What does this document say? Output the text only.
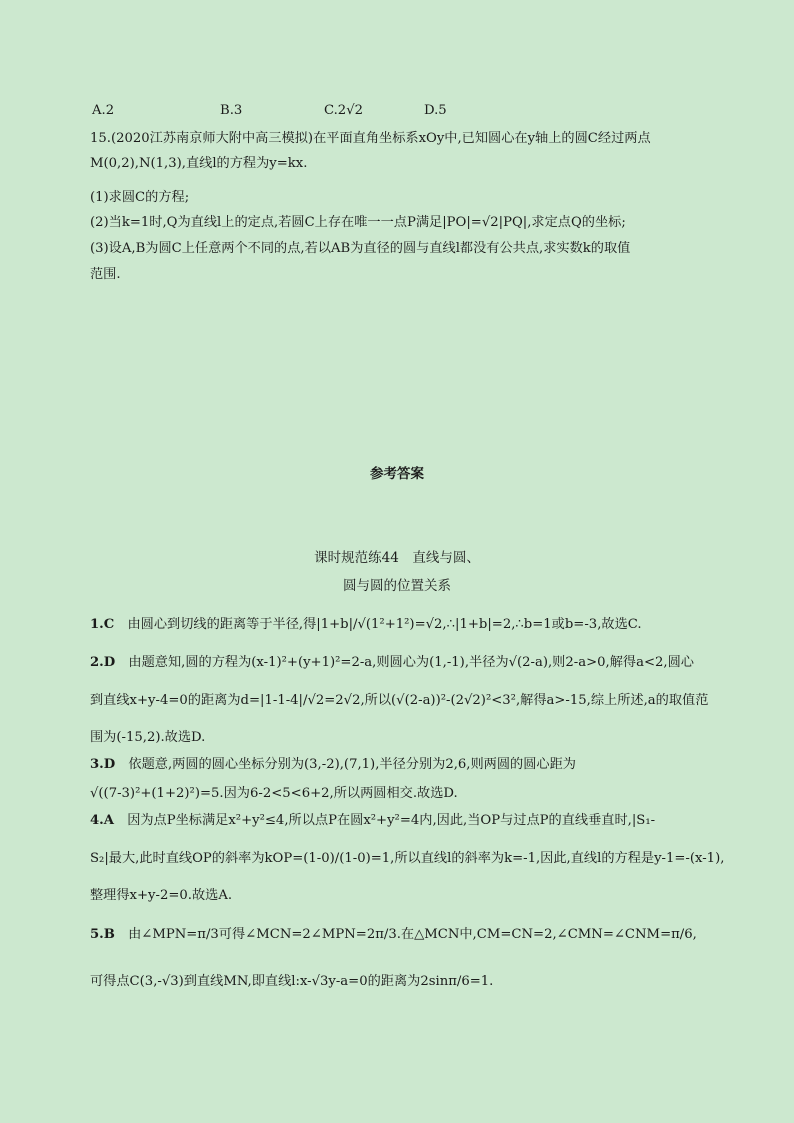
A.2	B.3	C.2√2	D.5
15.(2020江苏南京师大附中高三模拟)在平面直角坐标系xOy中,已知圆心在y轴上的圆C经过两点
M(0,2),N(1,3),直线l的方程为y=kx.
(1)求圆C的方程;
(2)当k=1时,Q为直线l上的定点,若圆C上存在唯一一点P满足|PO|=√2|PQ|,求定点Q的坐标;
(3)设A,B为圆C上任意两个不同的点,若以AB为直径的圆与直线l都没有公共点,求实数k的取值
范围.
参考答案
课时规范练44　直线与圆、
圆与圆的位置关系
1.C　 由圆心到切线的距离等于半径,得|1+b|/√(1²+1²)=√2,∴|1+b|=2,∴b=1或b=-3,故选C.
2.D　 由题意知,圆的方程为(x-1)²+(y+1)²=2-a,则圆心为(1,-1),半径为√(2-a),则2-a>0,解得a<2,圆心
到直线x+y-4=0的距离为d=|1-1-4|/√2=2√2,所以(√(2-a))²-(2√2)²<3²,解得a>-15,综上所述,a的取值范
围为(-15,2).故选D.
3.D　 依题意,两圆的圆心坐标分别为(3,-2),(7,1),半径分别为2,6,则两圆的圆心距为
√((7-3)²+(1+2)²)=5.因为6-2<5<6+2,所以两圆相交.故选D.
4.A　 因为点P坐标满足x²+y²≤4,所以点P在圆x²+y²=4内,因此,当OP与过点P的直线垂直时,|S₁-
S₂|最大,此时直线OP的斜率为kOP=(1-0)/(1-0)=1,所以直线l的斜率为k=-1,因此,直线l的方程是y-1=-(x-1),
整理得x+y-2=0.故选A.
5.B　 由∠MPN=π/3可得∠MCN=2∠MPN=2π/3.在△MCN中,CM=CN=2,∠CMN=∠CNM=π/6,
可得点C(3,-√3)到直线MN,即直线l:x-√3y-a=0的距离为2sinπ/6=1.
